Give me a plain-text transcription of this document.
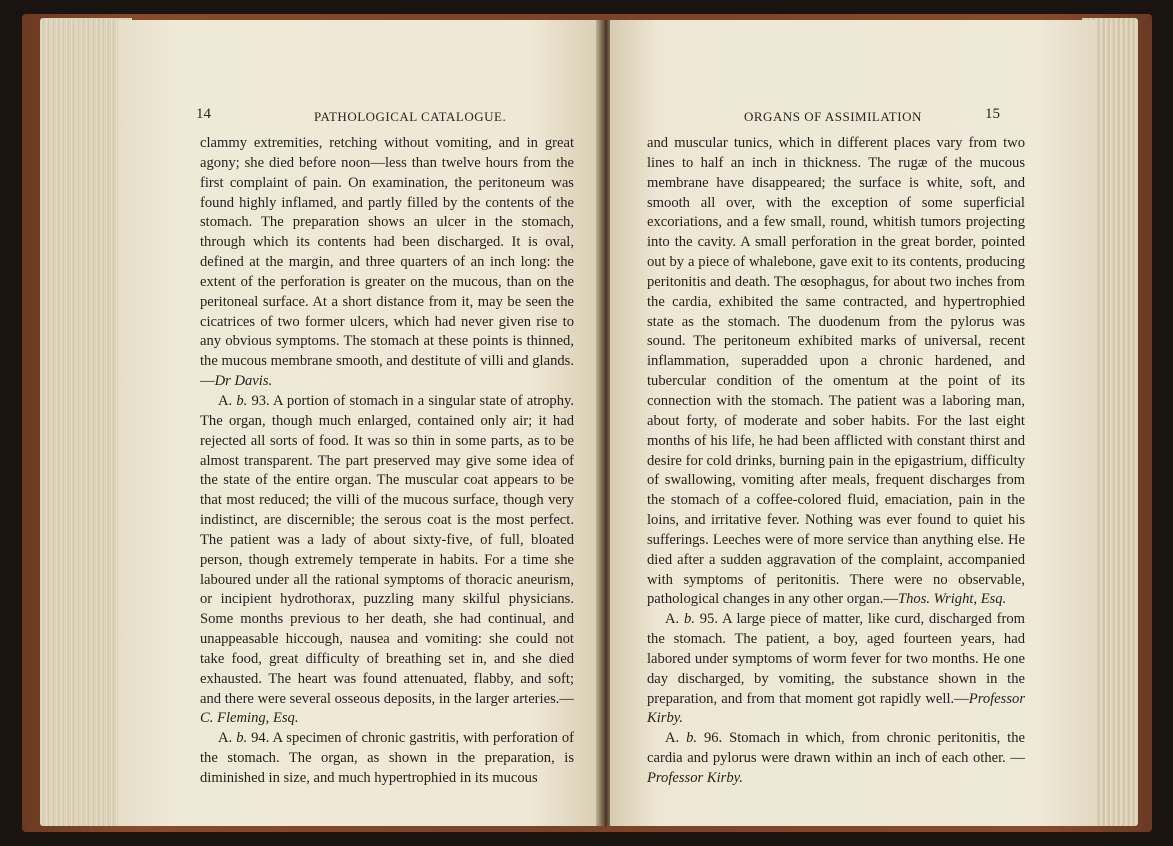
14	PATHOLOGICAL CATALOGUE.

clammy extremities, retching without vomiting, and in great agony; she died before noon—less than twelve hours from the first complaint of pain. On examination, the peritoneum was found highly inflamed, and partly filled by the contents of the stomach. The preparation shows an ulcer in the stomach, through which its contents had been discharged. It is oval, defined at the margin, and three quarters of an inch long: the extent of the perforation is greater on the mucous, than on the peritoneal surface. At a short distance from it, may be seen the cicatrices of two former ulcers, which had never given rise to any obvious symptoms. The stomach at these points is thinned, the mucous membrane smooth, and destitute of villi and glands.—Dr Davis.

A. b. 93. A portion of stomach in a singular state of atrophy. The organ, though much enlarged, contained only air; it had rejected all sorts of food. It was so thin in some parts, as to be almost transparent. The part preserved may give some idea of the state of the entire organ. The muscular coat appears to be that most reduced; the villi of the mucous surface, though very indistinct, are discernible; the serous coat is the most perfect. The patient was a lady of about sixty-five, of full, bloated person, though extremely temperate in habits. For a time she laboured under all the rational symptoms of thoracic aneurism, or incipient hydrothorax, puzzling many skilful physicians. Some months previous to her death, she had continual, and unappeasable hiccough, nausea and vomiting: she could not take food, great difficulty of breathing set in, and she died exhausted. The heart was found attenuated, flabby, and soft; and there were several osseous deposits, in the larger arteries.—C. Fleming, Esq.

A. b. 94. A specimen of chronic gastritis, with perforation of the stomach. The organ, as shown in the preparation, is diminished in size, and much hypertrophied in its mucous

ORGANS OF ASSIMILATION	15

and muscular tunics, which in different places vary from two lines to half an inch in thickness. The rugæ of the mucous membrane have disappeared; the surface is white, soft, and smooth all over, with the exception of some superficial excoriations, and a few small, round, whitish tumors projecting into the cavity. A small perforation in the great border, pointed out by a piece of whalebone, gave exit to its contents, producing peritonitis and death. The œsophagus, for about two inches from the cardia, exhibited the same contracted, and hypertrophied state as the stomach. The duodenum from the pylorus was sound. The peritoneum exhibited marks of universal, recent inflammation, superadded upon a chronic hardened, and tubercular condition of the omentum at the point of its connection with the stomach. The patient was a laboring man, about forty, of moderate and sober habits. For the last eight months of his life, he had been afflicted with constant thirst and desire for cold drinks, burning pain in the epigastrium, difficulty of swallowing, vomiting after meals, frequent discharges from the stomach of a coffee-colored fluid, emaciation, pain in the loins, and irritative fever. Nothing was ever found to quiet his sufferings. Leeches were of more service than anything else. He died after a sudden aggravation of the complaint, accompanied with symptoms of peritonitis. There were no observable, pathological changes in any other organ.—Thos. Wright, Esq.

A. b. 95. A large piece of matter, like curd, discharged from the stomach. The patient, a boy, aged fourteen years, had labored under symptoms of worm fever for two months. He one day discharged, by vomiting, the substance shown in the preparation, and from that moment got rapidly well.—Professor Kirby.

A. b. 96. Stomach in which, from chronic peritonitis, the cardia and pylorus were drawn within an inch of each other. —Professor Kirby.
